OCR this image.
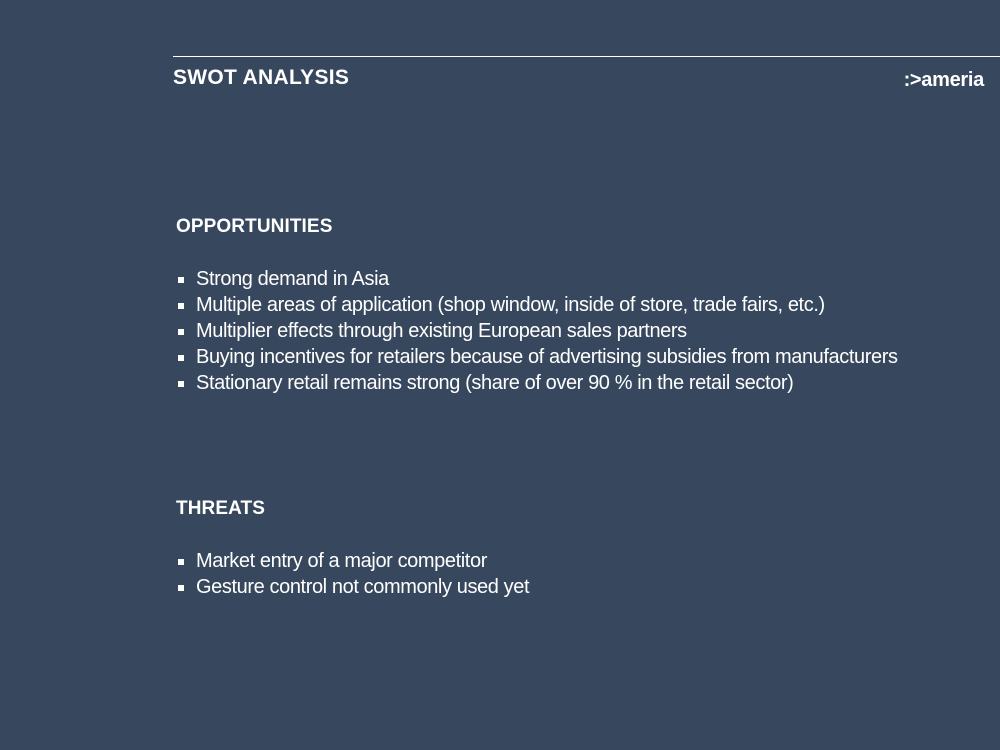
SWOT ANALYSIS	:>ameria
OPPORTUNITIES
Strong demand in Asia
Multiple areas of application (shop window, inside of store, trade fairs, etc.)
Multiplier effects through existing European sales partners
Buying incentives for retailers because of advertising subsidies from manufacturers
Stationary retail remains strong (share of over 90 % in the retail sector)
THREATS
Market entry of a major competitor
Gesture control not commonly used yet
